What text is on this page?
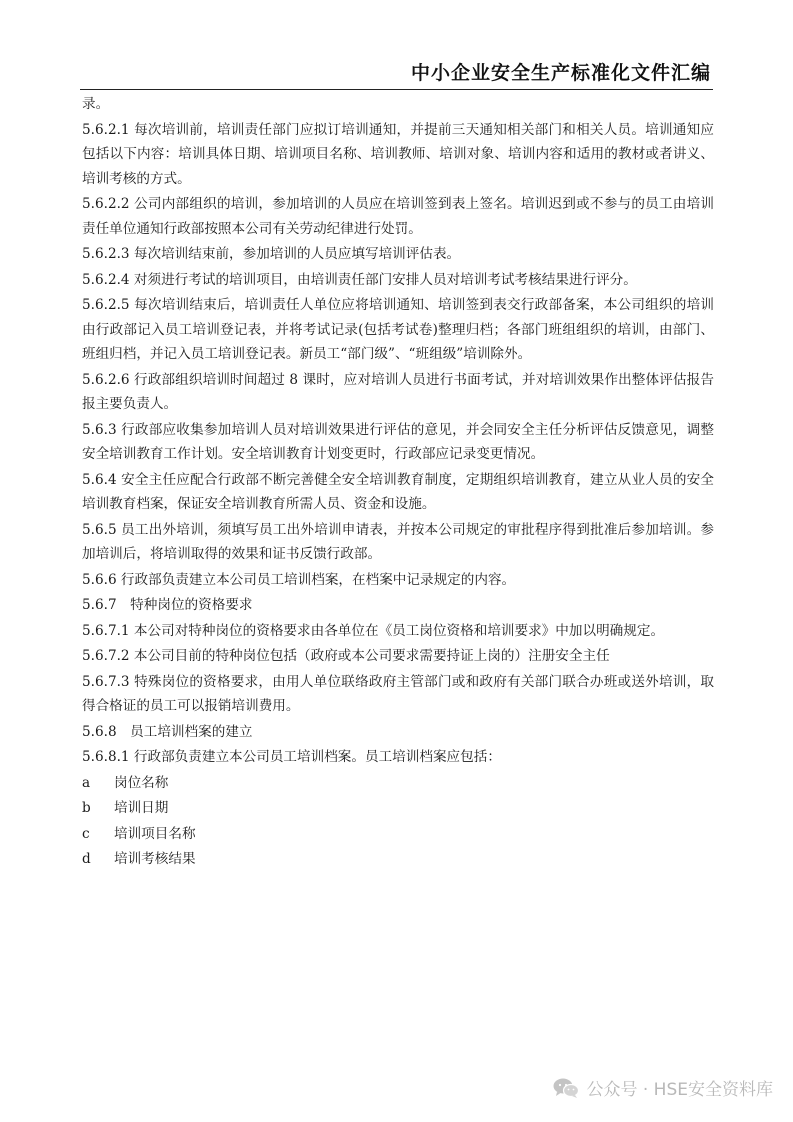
中小企业安全生产标准化文件汇编

录。

5.6.2.1 每次培训前，培训责任部门应拟订培训通知，并提前三天通知相关部门和相关人员。培训通知应包括以下内容：培训具体日期、培训项目名称、培训教师、培训对象、培训内容和适用的教材或者讲义、培训考核的方式。

5.6.2.2 公司内部组织的培训，参加培训的人员应在培训签到表上签名。培训迟到或不参与的员工由培训责任单位通知行政部按照本公司有关劳动纪律进行处罚。

5.6.2.3 每次培训结束前，参加培训的人员应填写培训评估表。

5.6.2.4 对须进行考试的培训项目，由培训责任部门安排人员对培训考试考核结果进行评分。

5.6.2.5 每次培训结束后，培训责任人单位应将培训通知、培训签到表交行政部备案，本公司组织的培训由行政部记入员工培训登记表，并将考试记录(包括考试卷)整理归档；各部门班组组织的培训，由部门、班组归档，并记入员工培训登记表。新员工“部门级”、“班组级”培训除外。

5.6.2.6 行政部组织培训时间超过 8 课时，应对培训人员进行书面考试，并对培训效果作出整体评估报告报主要负责人。

5.6.3 行政部应收集参加培训人员对培训效果进行评估的意见，并会同安全主任分析评估反馈意见，调整安全培训教育工作计划。安全培训教育计划变更时，行政部应记录变更情况。

5.6.4 安全主任应配合行政部不断完善健全安全培训教育制度，定期组织培训教育，建立从业人员的安全培训教育档案，保证安全培训教育所需人员、资金和设施。

5.6.5 员工出外培训，须填写员工出外培训申请表，并按本公司规定的审批程序得到批准后参加培训。参加培训后，将培训取得的效果和证书反馈行政部。

5.6.6 行政部负责建立本公司员工培训档案，在档案中记录规定的内容。

5.6.7　特种岗位的资格要求

5.6.7.1 本公司对特种岗位的资格要求由各单位在《员工岗位资格和培训要求》中加以明确规定。

5.6.7.2 本公司目前的特种岗位包括（政府或本公司要求需要持证上岗的）注册安全主任

5.6.7.3 特殊岗位的资格要求，由用人单位联络政府主管部门或和政府有关部门联合办班或送外培训，取得合格证的员工可以报销培训费用。

5.6.8　员工培训档案的建立

5.6.8.1 行政部负责建立本公司员工培训档案。员工培训档案应包括：

a	岗位名称
b	培训日期
c	培训项目名称
d	培训考核结果
公众号 · HSE安全资料库
